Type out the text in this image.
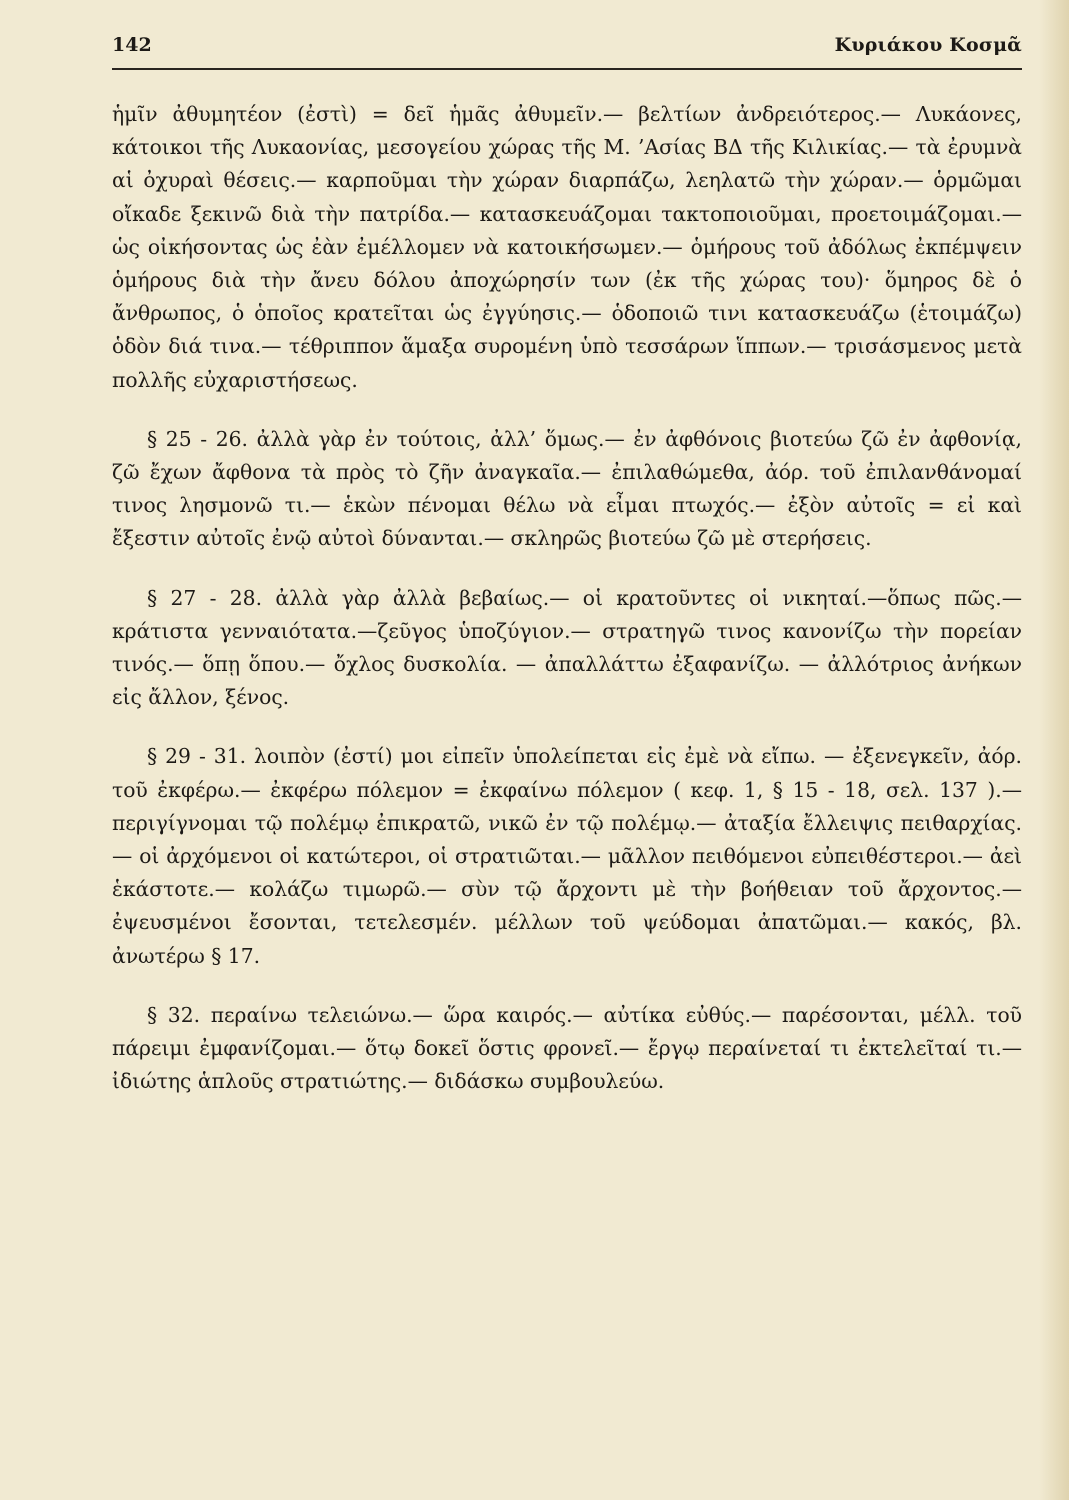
142	Κυριάκου Κοσμᾶ

ἡμῖν ἀθυμητέον (ἐστὶ) = δεῖ ἡμᾶς ἀθυμεῖν.— βελτίων ἀνδρειότερος.— Λυκάονες, κάτοικοι τῆς Λυκαονίας, μεσογείου χώρας τῆς Μ. ’Ασίας ΒΔ τῆς Κιλικίας.— τὰ ἐρυμνὰ αἱ ὀχυραὶ θέσεις.— καρποῦμαι τὴν χώραν διαρπάζω, λεηλατῶ τὴν χώραν.— ὁρμῶμαι οἴκαδε ξεκινῶ διὰ τὴν πατρίδα.— κατασκευάζομαι τακτοποιοῦμαι, προετοιμάζομαι.— ὡς οἰκήσοντας ὡς ἐὰν ἐμέλλομεν νὰ κατοικήσωμεν.— ὁμήρους τοῦ ἀδόλως ἐκπέμψειν ὁμήρους διὰ τὴν ἄνευ δόλου ἀποχώρησίν των (ἐκ τῆς χώρας του)· ὅμηρος δὲ ὁ ἄνθρωπος, ὁ ὁποῖος κρατεῖται ὡς ἐγγύησις.— ὁδοποιῶ τινι κατασκευάζω (ἑτοιμάζω) ὁδὸν διά τινα.— τέθριππον ἅμαξα συρομένη ὑπὸ τεσσάρων ἵππων.— τρισάσμενος μετὰ πολλῆς εὐχαριστήσεως.

§ 25 - 26. ἀλλὰ γὰρ ἐν τούτοις, ἀλλ’ ὅμως.— ἐν ἀφθόνοις βιοτεύω ζῶ ἐν ἀφθονίᾳ, ζῶ ἔχων ἄφθονα τὰ πρὸς τὸ ζῆν ἀναγκαῖα.— ἐπιλαθώμεθα, ἀόρ. τοῦ ἐπιλανθάνομαί τινος λησμονῶ τι.— ἑκὼν πένομαι θέλω νὰ εἶμαι πτωχός.— ἐξὸν αὐτοῖς = εἰ καὶ ἔξεστιν αὐτοῖς ἐνῷ αὐτοὶ δύνανται.— σκληρῶς βιοτεύω ζῶ μὲ στερήσεις.

§ 27 - 28. ἀλλὰ γὰρ ἀλλὰ βεβαίως.— οἱ κρατοῦντες οἱ νικηταί.—ὅπως πῶς.— κράτιστα γενναιότατα.—ζεῦγος ὑποζύγιον.— στρατηγῶ τινος κανονίζω τὴν πορείαν τινός.— ὅπῃ ὅπου.— ὄχλος δυσκολία. — ἀπαλλάττω ἐξαφανίζω. — ἀλλότριος ἀνήκων εἰς ἄλλον, ξένος.

§ 29 - 31. λοιπὸν (ἐστί) μοι εἰπεῖν ὑπολείπεται εἰς ἐμὲ νὰ εἴπω. — ἐξενεγκεῖν, ἀόρ. τοῦ ἐκφέρω.— ἐκφέρω πόλεμον = ἐκφαίνω πόλεμον ( κεφ. 1, § 15 - 18, σελ. 137 ).— περιγίγνομαι τῷ πολέμῳ ἐπικρατῶ, νικῶ ἐν τῷ πολέμῳ.— ἀταξία ἔλλειψις πειθαρχίας.— οἱ ἀρχόμενοι οἱ κατώτεροι, οἱ στρατιῶται.— μᾶλλον πειθόμενοι εὐπειθέστεροι.— ἀεὶ ἑκάστοτε.— κολάζω τιμωρῶ.— σὺν τῷ ἄρχοντι μὲ τὴν βοήθειαν τοῦ ἄρχοντος.— ἐψευσμένοι ἔσονται, τετελεσμέν. μέλλων τοῦ ψεύδομαι ἀπατῶμαι.— κακός, βλ. ἀνωτέρω § 17.

§ 32. περαίνω τελειώνω.— ὥρα καιρός.— αὐτίκα εὐθύς.— παρέσονται, μέλλ. τοῦ πάρειμι ἐμφανίζομαι.— ὅτῳ δοκεῖ ὅστις φρονεῖ.— ἔργῳ περαίνεταί τι ἐκτελεῖταί τι.— ἰδιώτης ἁπλοῦς στρατιώτης.— διδάσκω συμβουλεύω.
